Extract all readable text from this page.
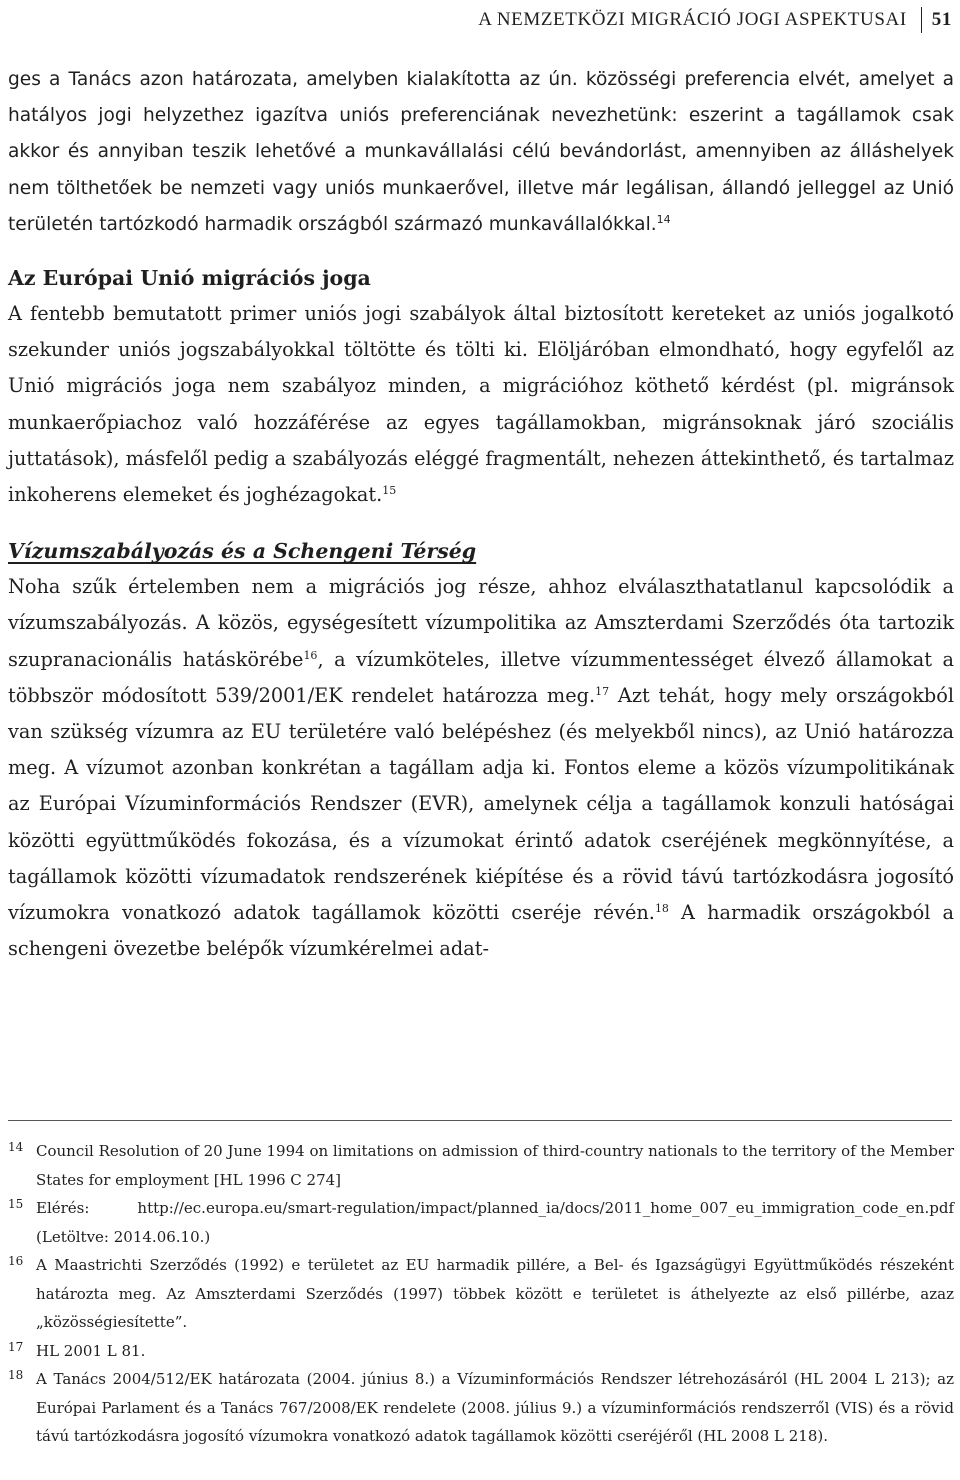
A NEMZETKÖZI MIGRÁCIÓ JOGI ASPEKTUSAI 51

ges a Tanács azon határozata, amelyben kialakította az ún. közösségi preferencia elvét, amelyet a hatályos jogi helyzethez igazítva uniós preferenciának nevezhetünk: eszerint a tagállamok csak akkor és annyiban teszik lehetővé a munkavállalási célú bevándorlást, amennyiben az álláshelyek nem tölthetőek be nemzeti vagy uniós munkaerővel, illetve már legálisan, állandó jelleggel az Unió területén tartózkodó harmadik országból származó munkavállalókkal.$^{14}$

Az Európai Unió migrációs joga

A fentebb bemutatott primer uniós jogi szabályok által biztosított kereteket az uniós jogalkotó szekunder uniós jogszabályokkal töltötte és tölti ki. Elöljáróban elmondható, hogy egyfelől az Unió migrációs joga nem szabályoz minden, a migrációhoz köthető kérdést (pl. migránsok munkaerőpiachoz való hozzáférése az egyes tagállamokban, migránsoknak járó szociális juttatások), másfelől pedig a szabályozás eléggé fragmentált, nehezen áttekinthető, és tartalmaz inkoherens elemeket és joghézagokat.$^{15}$

Vízumszabályozás és a Schengeni Térség

Noha szűk értelemben nem a migrációs jog része, ahhoz elválaszthatatlanul kapcsolódik a vízumszabályozás. A közös, egységesített vízumpolitika az Amszterdami Szerződés óta tartozik szupranacionális hatáskörébe$^{16}$, a vízumköteles, illetve vízummentességet élvező államokat a többször módosított 539/2001/EK rendelet határozza meg.$^{17}$ Azt tehát, hogy mely országokból van szükség vízumra az EU területére való belépéshez (és melyekből nincs), az Unió határozza meg. A vízumot azonban konkrétan a tagállam adja ki. Fontos eleme a közös vízumpolitikának az Európai Vízuminformációs Rendszer (EVR), amelynek célja a tagállamok konzuli hatóságai közötti együttműködés fokozása, és a vízumokat érintő adatok cseréjének megkönnyítése, a tagállamok közötti vízumadatok rendszerének kiépítése és a rövid távú tartózkodásra jogosító vízumokra vonatkozó adatok tagállamok közötti cseréje révén.$^{18}$ A harmadik országokból a schengeni övezetbe belépők vízumkérelmei adat-

14 Council Resolution of 20 June 1994 on limitations on admission of third-country nationals to the territory of the Member States for employment [HL 1996 C 274]
15 Elérés: http://ec.europa.eu/smart-regulation/impact/planned_ia/docs/2011_home_007_eu_immigration_code_en.pdf (Letöltve: 2014.06.10.)
16 A Maastrichti Szerződés (1992) e területet az EU harmadik pillére, a Bel- és Igazságügyi Együttműködés részeként határozta meg. Az Amszterdami Szerződés (1997) többek között e területet is áthelyezte az első pillérbe, azaz „közösségiesítette”.
17 HL 2001 L 81.
18 A Tanács 2004/512/EK határozata (2004. június 8.) a Vízuminformációs Rendszer létrehozásáról (HL 2004 L 213); az Európai Parlament és a Tanács 767/2008/EK rendelete (2008. július 9.) a vízuminformációs rendszerről (VIS) és a rövid távú tartózkodásra jogosító vízumokra vonatkozó adatok tagállamok közötti cseréjéről (HL 2008 L 218).
